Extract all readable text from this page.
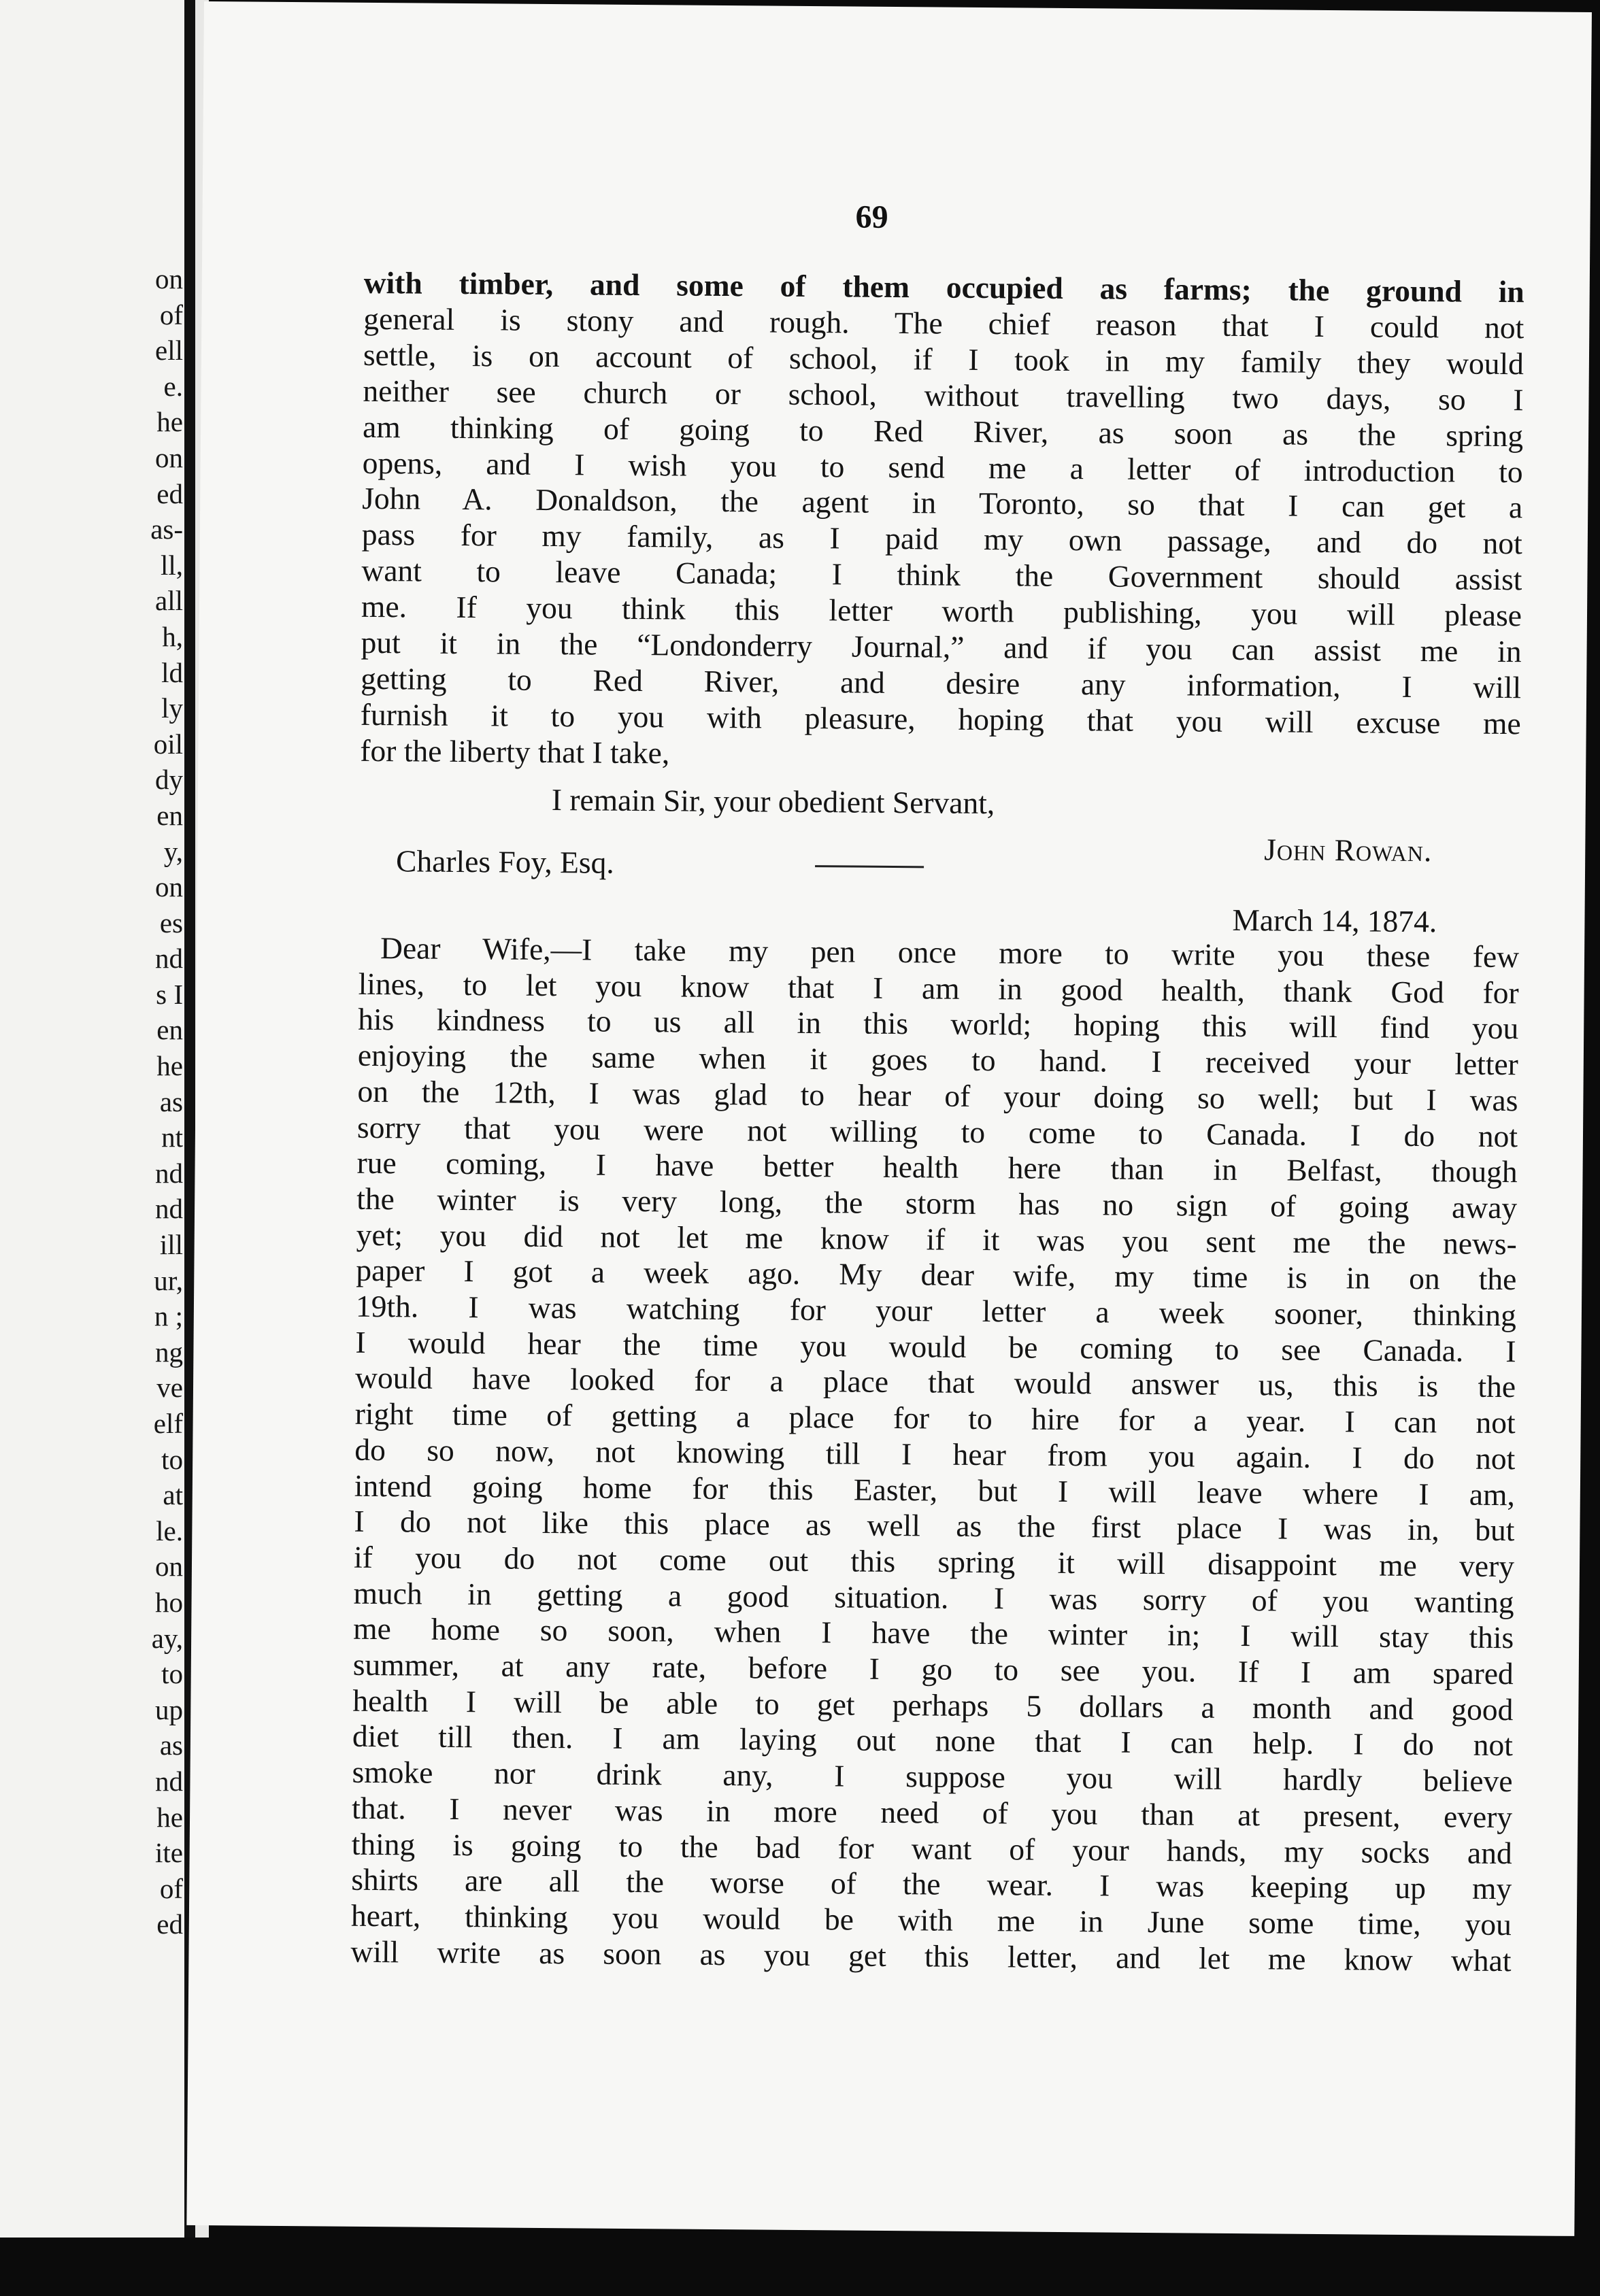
on
of
ell
e.
he
on
ed
as-
ll,
all
h,
ld
ly
oil
dy
en
y,
on
es
nd
s I
en
he
as
nt
nd
nd
ill
ur,
n ;
ng
ve
elf
to
at
le.
on
ho
ay,
to
up
as
nd
he
ite
of
ed
69
with timber, and some of them occupied as farms; the ground in
general is stony and rough. The chief reason that I could not
settle, is on account of school, if I took in my family they would
neither see church or school, without travelling two days, so I
am thinking of going to Red River, as soon as the spring
opens, and I wish you to send me a letter of introduction to
John A. Donaldson, the agent in Toronto, so that I can get a
pass for my family, as I paid my own passage, and do not
want to leave Canada; I think the Government should assist
me. If you think this letter worth publishing, you will please
put it in the “Londonderry Journal,” and if you can assist me in
getting to Red River, and desire any information, I will
furnish it to you with pleasure, hoping that you will excuse me
for the liberty that I take,
I remain Sir, your obedient Servant,
John Rowan.
Charles Foy, Esq.
March 14, 1874.
Dear Wife,—I take my pen once more to write you these few
lines, to let you know that I am in good health, thank God for
his kindness to us all in this world; hoping this will find you
enjoying the same when it goes to hand. I received your letter
on the 12th, I was glad to hear of your doing so well; but I was
sorry that you were not willing to come to Canada. I do not
rue coming, I have better health here than in Belfast, though
the winter is very long, the storm has no sign of going away
yet; you did not let me know if it was you sent me the news-
paper I got a week ago. My dear wife, my time is in on the
19th. I was watching for your letter a week sooner, thinking
I would hear the time you would be coming to see Canada. I
would have looked for a place that would answer us, this is the
right time of getting a place for to hire for a year. I can not
do so now, not knowing till I hear from you again. I do not
intend going home for this Easter, but I will leave where I am,
I do not like this place as well as the first place I was in, but
if you do not come out this spring it will disappoint me very
much in getting a good situation. I was sorry of you wanting
me home so soon, when I have the winter in; I will stay this
summer, at any rate, before I go to see you. If I am spared
health I will be able to get perhaps 5 dollars a month and good
diet till then. I am laying out none that I can help. I do not
smoke nor drink any, I suppose you will hardly believe
that. I never was in more need of you than at present, every
thing is going to the bad for want of your hands, my socks and
shirts are all the worse of the wear. I was keeping up my
heart, thinking you would be with me in June some time, you
will write as soon as you get this letter, and let me know what
